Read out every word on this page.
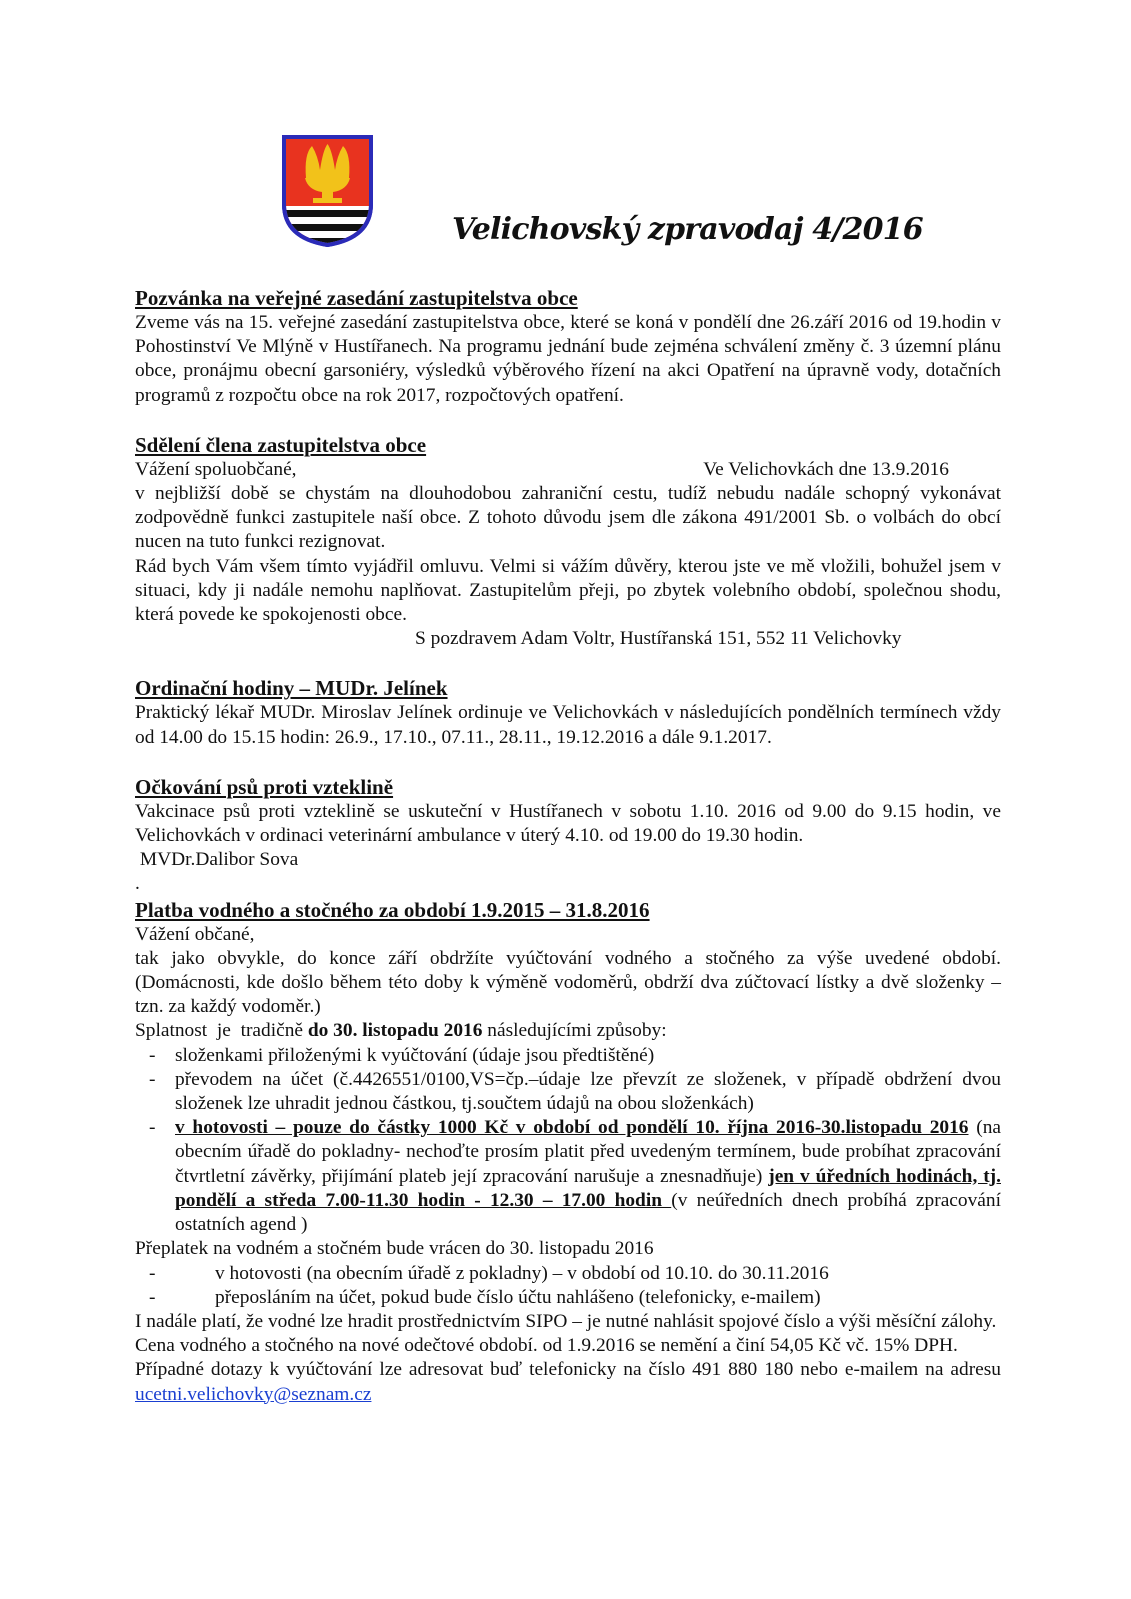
Velichovský zpravodaj 4/2016
Pozvánka na veřejné zasedání zastupitelstva obce

Zveme vás na 15. veřejné zasedání zastupitelstva obce, které se koná v pondělí dne 26.září 2016 od 19.hodin v Pohostinství Ve Mlýně v Hustířanech. Na programu jednání bude zejména schválení změny č. 3 územní plánu obce, pronájmu obecní garsoniéry, výsledků výběrového řízení na akci Opatření na úpravně vody, dotačních programů z rozpočtu obce na rok 2017, rozpočtových opatření.

Sdělení člena zastupitelstva obce
Vážení spoluobčané,	Ve Velichovkách dne 13.9.2016

v nejbližší době se chystám na dlouhodobou zahraniční cestu, tudíž nebudu nadále schopný vykonávat zodpovědně funkci zastupitele naší obce. Z tohoto důvodu jsem dle zákona 491/2001 Sb. o volbách do obcí nucen na tuto funkci rezignovat.

Rád bych Vám všem tímto vyjádřil omluvu. Velmi si vážím důvěry, kterou jste ve mě vložili, bohužel jsem v situaci, kdy ji nadále nemohu naplňovat. Zastupitelům přeji, po zbytek volebního období, společnou shodu, která povede ke spokojenosti obce.

S pozdravem Adam Voltr, Hustířanská 151, 552 11 Velichovky

Ordinační hodiny – MUDr. Jelínek

Praktický lékař MUDr. Miroslav Jelínek ordinuje ve Velichovkách v následujících pondělních termínech vždy od 14.00 do 15.15 hodin: 26.9., 17.10., 07.11., 28.11., 19.12.2016 a dále 9.1.2017.

Očkování psů proti vzteklině

Vakcinace psů proti vzteklině se uskuteční v Hustířanech v sobotu 1.10. 2016 od 9.00 do 9.15 hodin, ve Velichovkách v ordinaci veterinární ambulance v úterý 4.10. od 19.00 do 19.30 hodin.

MVDr.Dalibor Sova

.

Platba vodného a stočného za období 1.9.2015 – 31.8.2016

Vážení občané,

tak jako obvykle, do konce září obdržíte vyúčtování vodného a stočného za výše uvedené období. (Domácnosti, kde došlo během této doby k výměně vodoměrů, obdrží dva zúčtovací lístky a dvě složenky – tzn. za každý vodoměr.)

Splatnost  je  tradičně do 30. listopadu 2016 následujícími způsoby:

-	složenkami přiloženými k vyúčtování (údaje jsou předtištěné)
-	převodem na účet (č.4426551/0100,VS=čp.–údaje lze převzít ze složenek, v případě obdržení dvou složenek lze uhradit jednou částkou, tj.součtem údajů na obou složenkách)
-	v hotovosti – pouze do částky 1000 Kč v období od pondělí 10. října 2016-30.listopadu 2016 (na obecním úřadě do pokladny- nechoďte prosím platit před uvedeným termínem, bude probíhat zpracování čtvrtletní závěrky, přijímání plateb její zpracování narušuje a znesnadňuje) jen v úředních hodinách, tj. pondělí a středa 7.00-11.30 hodin - 12.30 – 17.00 hodin (v neúředních dnech probíhá zpracování ostatních agend )

Přeplatek na vodném a stočném bude vrácen do 30. listopadu 2016

-	v hotovosti (na obecním úřadě z pokladny) – v období od 10.10. do 30.11.2016
-	přeposláním na účet, pokud bude číslo účtu nahlášeno (telefonicky, e-mailem)

I nadále platí, že vodné lze hradit prostřednictvím SIPO – je nutné nahlásit spojové číslo a výši měsíční zálohy.

Cena vodného a stočného na nové odečtové období. od 1.9.2016 se nemění a činí 54,05 Kč vč. 15% DPH.

Případné dotazy k vyúčtování lze adresovat buď telefonicky na číslo 491 880 180 nebo e-mailem na adresu ucetni.velichovky@seznam.cz
